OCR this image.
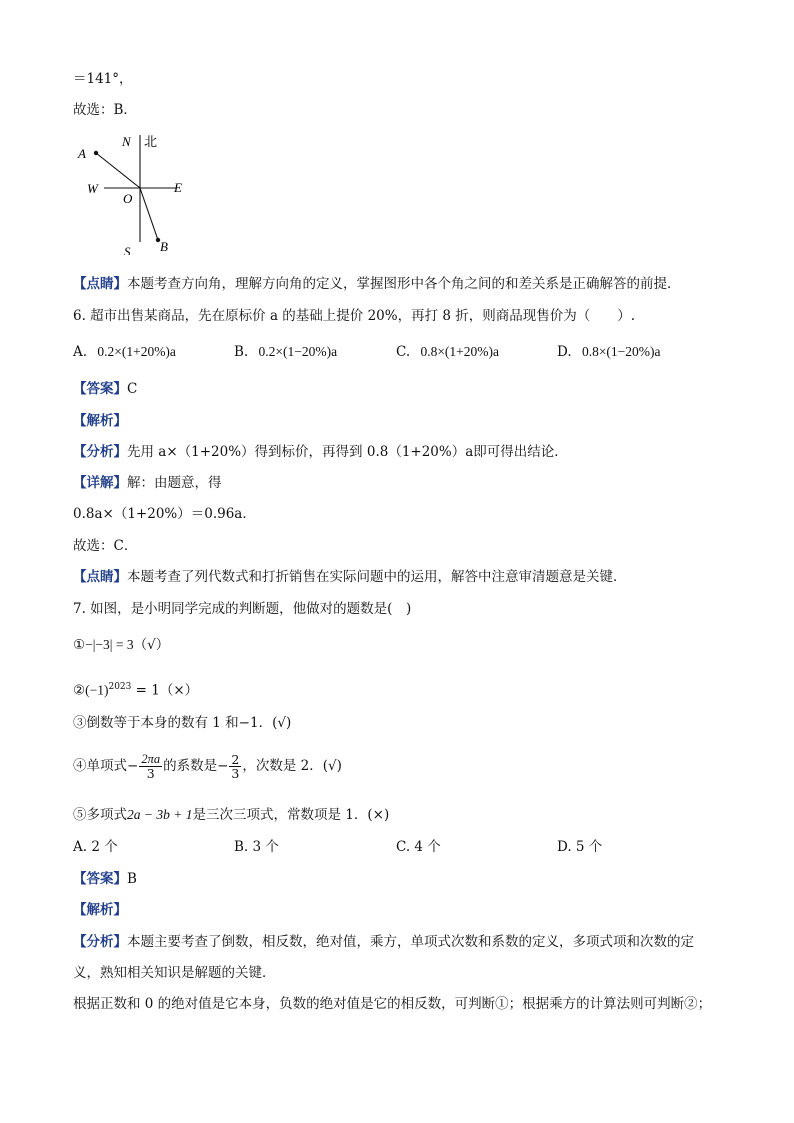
＝141°，
故选：B．
A
B
N 北
W
O
E
S
【点睛】本题考查方向角，理解方向角的定义，掌握图形中各个角之间的和差关系是正确解答的前提．
6. 超市出售某商品，先在原标价 a 的基础上提价 20%，再打 8 折，则商品现售价为（　　）.
A. 0.2×(1+20%)a	B. 0.2×(1−20%)a	C. 0.8×(1+20%)a	D. 0.8×(1−20%)a
【答案】C
【解析】
【分析】先用 a×（1+20%）得到标价，再得到 0.8（1+20%）a即可得出结论．
【详解】解：由题意，得
0.8a×（1+20%）＝0.96a．
故选：C．
【点睛】本题考查了列代数式和打折销售在实际问题中的运用，解答中注意审清题意是关键．
7. 如图，是小明同学完成的判断题，他做对的题数是(　)
①−|−3| = 3（√）
$②(-1)^{2023} = 1(\times)$
③倒数等于本身的数有 1 和−1．(√)
④单项式− $\frac{2\pi a}{3}$ 的系数是− $\frac{2}{3}$ ，次数是 2．(√)
⑤多项式2a − 3b + 1是三次三项式，常数项是 1．(×)
A. 2 个	B. 3 个	C. 4 个	D. 5 个
【答案】B
【解析】
【分析】本题主要考查了倒数，相反数，绝对值，乘方，单项式次数和系数的定义，多项式项和次数的定
义，熟知相关知识是解题的关键．
根据正数和 0 的绝对值是它本身，负数的绝对值是它的相反数，可判断①；根据乘方的计算法则可判断②；
